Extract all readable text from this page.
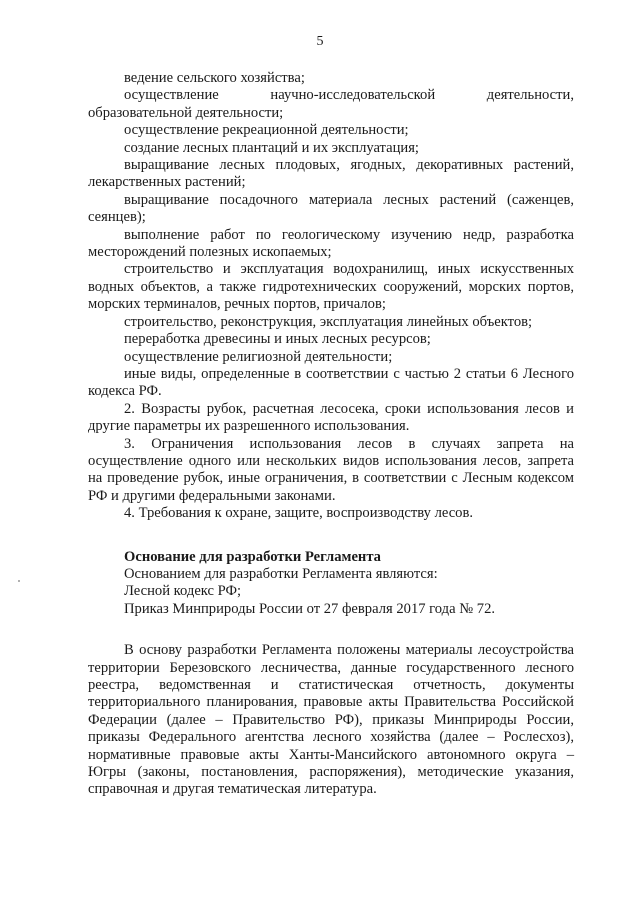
5

ведение сельского хозяйства;

осуществление научно-исследовательской деятельности, образовательной деятельности;

осуществление рекреационной деятельности;

создание лесных плантаций и их эксплуатация;

выращивание лесных плодовых, ягодных, декоративных растений, лекарственных растений;

выращивание посадочного материала лесных растений (саженцев, сеянцев);

выполнение работ по геологическому изучению недр, разработка месторождений полезных ископаемых;

строительство и эксплуатация водохранилищ, иных искусственных водных объектов, а также гидротехнических сооружений, морских портов, морских терминалов, речных портов, причалов;

строительство, реконструкция, эксплуатация линейных объектов;

переработка древесины и иных лесных ресурсов;

осуществление религиозной деятельности;

иные виды, определенные в соответствии с частью 2 статьи 6 Лесного кодекса РФ.

2. Возрасты рубок, расчетная лесосека, сроки использования лесов и другие параметры их разрешенного использования.

3. Ограничения использования лесов в случаях запрета на осуществление одного или нескольких видов использования лесов, запрета на проведение рубок, иные ограничения, в соответствии с Лесным кодексом РФ и другими федеральными законами.

4. Требования к охране, защите, воспроизводству лесов.

Основание для разработки Регламента

Основанием для разработки Регламента являются:

Лесной кодекс РФ;

Приказ Минприроды России от 27 февраля 2017 года № 72.

В основу разработки Регламента положены материалы лесоустройства территории Березовского лесничества, данные государственного лесного реестра, ведомственная и статистическая отчетность, документы территориального планирования, правовые акты Правительства Российской Федерации (далее – Правительство РФ), приказы Минприроды России, приказы Федерального агентства лесного хозяйства (далее – Рослесхоз), нормативные правовые акты Ханты-Мансийского автономного округа – Югры (законы, постановления, распоряжения), методические указания, справочная и другая тематическая литература.
